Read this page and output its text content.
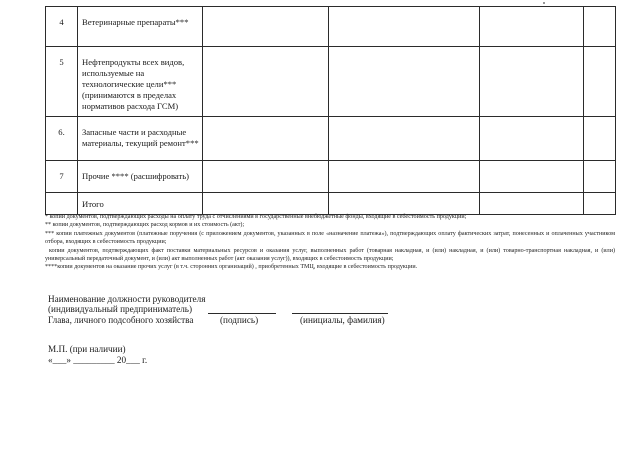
4	Ветеринарные препараты***				
5	Нефтепродукты всех видов, используемые на технологические цели*** (принимаются в пределах нормативов расхода ГСМ)				
6.	Запасные части и расходные материалы, текущий ремонт***				
7	Прочие **** (расшифровать)				
	Итого				

* копии документов, подтверждающих расходы на оплату труда с отчислениями в государственные внебюджетные фонды, входящие в себестоимость продукции;

** копии документов, подтверждающих расход кормов и их стоимость (акт);

*** копии платежных документов (платежные поручения (с приложением документов, указанных в поле «назначение платежа»), подтверждающих оплату фактических затрат, понесенных и оплаченных участником отбора, входящих в себестоимость продукции;

копии документов, подтверждающих факт поставки материальных ресурсов и оказания услуг, выполненных работ (товарная накладная, и (или) накладная, и (или) товарно-транспортная накладная, и (или) универсальный передаточный документ, и (или) акт выполненных работ (акт оказания услуг)), входящих в себестоимость продукции;

****копии документов на оказание прочих услуг (в т.ч. сторонних организаций) , приобретенных ТМЦ, входящие в себестоимость продукции.

Наименование должности руководителя

(индивидуальный предприниматель)
Глава, личного подсобного хозяйства	(подпись)	(инициалы, фамилия)

М.П. (при наличии)

«___» _________ 20___ г.
